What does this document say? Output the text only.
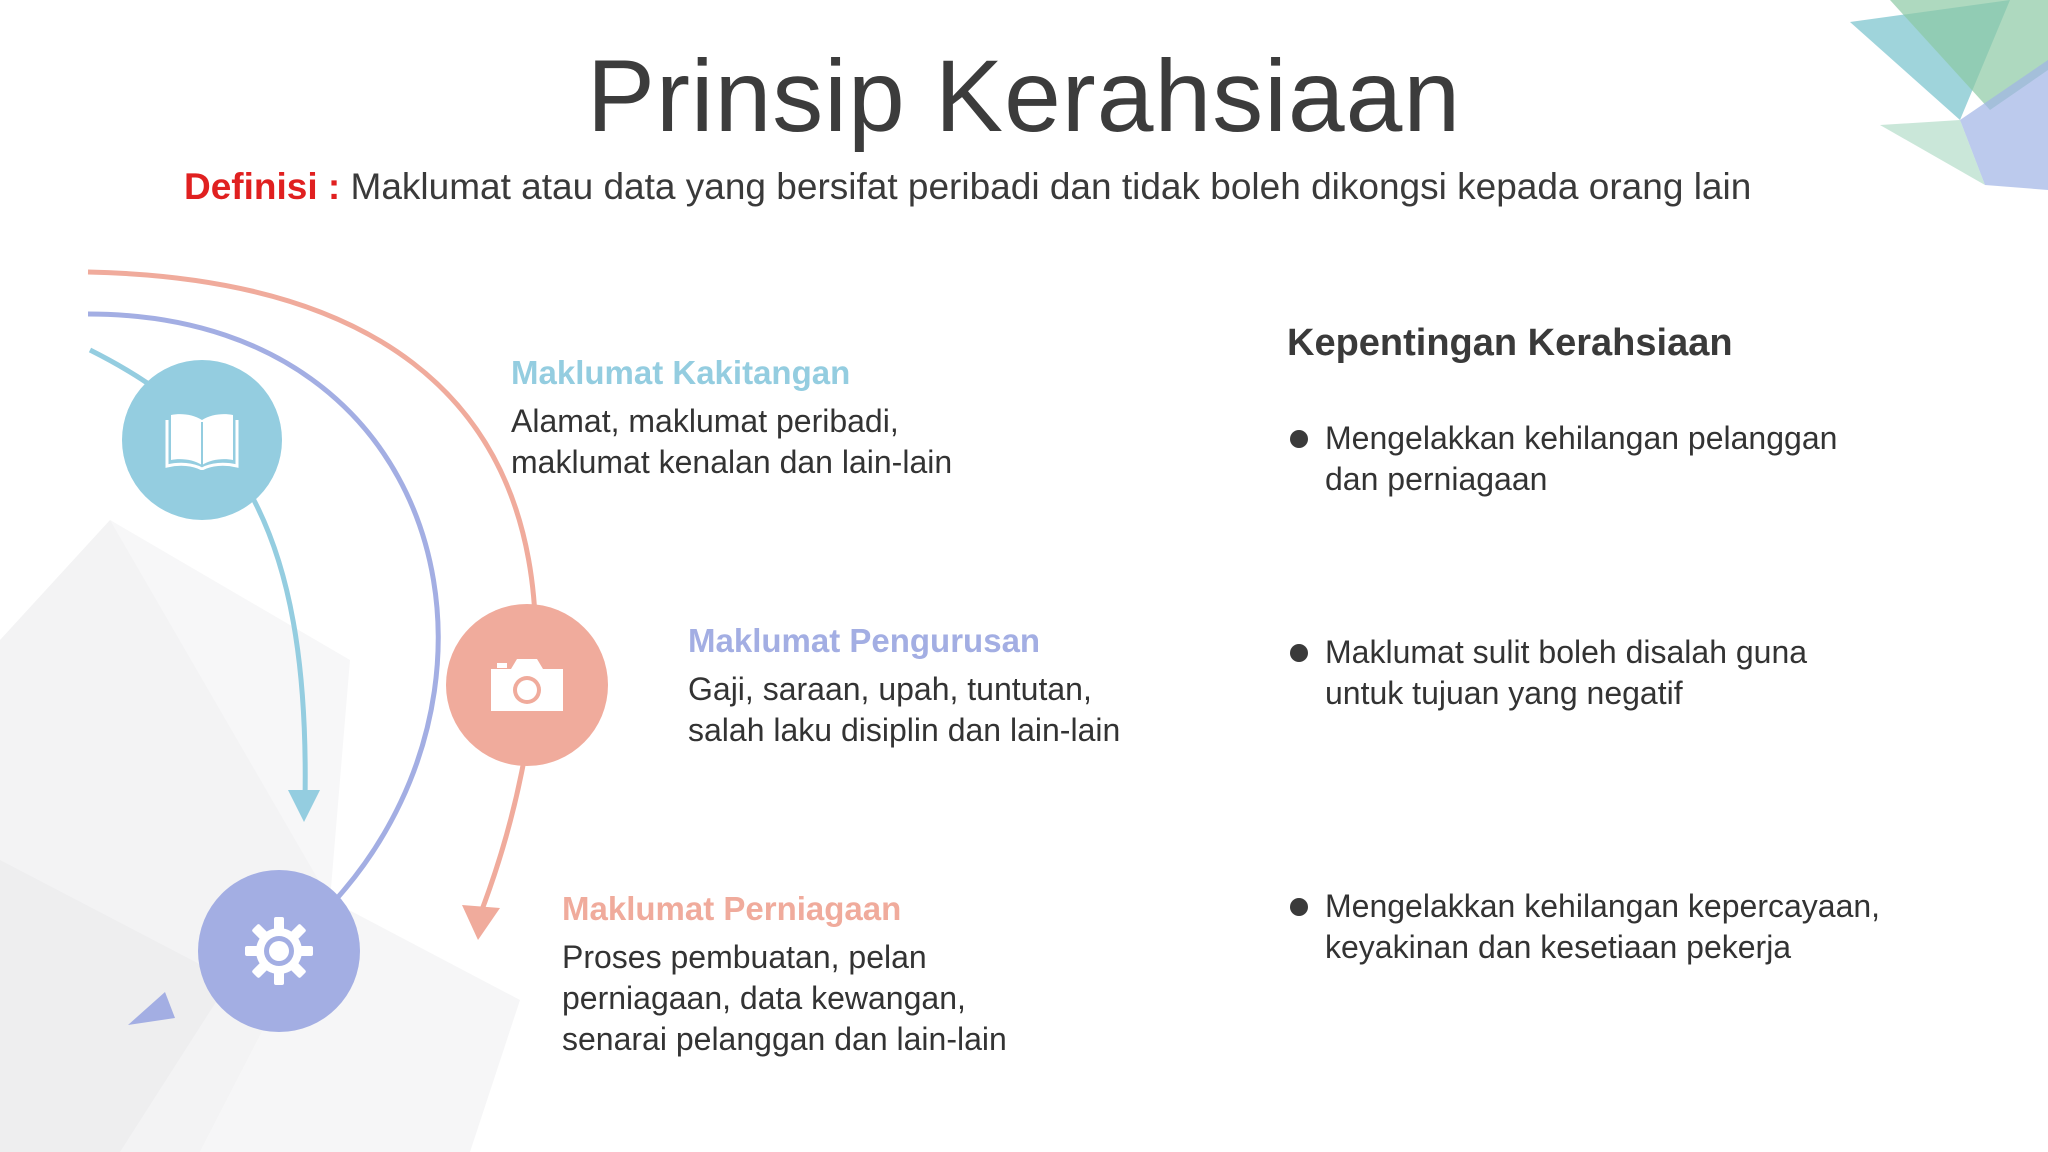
Prinsip Kerahsiaan
Definisi : Maklumat atau data yang bersifat peribadi dan tidak boleh dikongsi kepada orang lain
Maklumat Kakitangan
Alamat, maklumat peribadi,
maklumat kenalan dan lain-lain
Maklumat Pengurusan
Gaji, saraan, upah, tuntutan,
salah laku disiplin dan lain-lain
Maklumat Perniagaan
Proses pembuatan, pelan
perniagaan, data kewangan,
senarai pelanggan dan lain-lain
Kepentingan Kerahsiaan
Mengelakkan kehilangan pelanggan
dan perniagaan
Maklumat sulit boleh disalah guna
untuk tujuan yang negatif
Mengelakkan kehilangan kepercayaan,
keyakinan dan kesetiaan pekerja
